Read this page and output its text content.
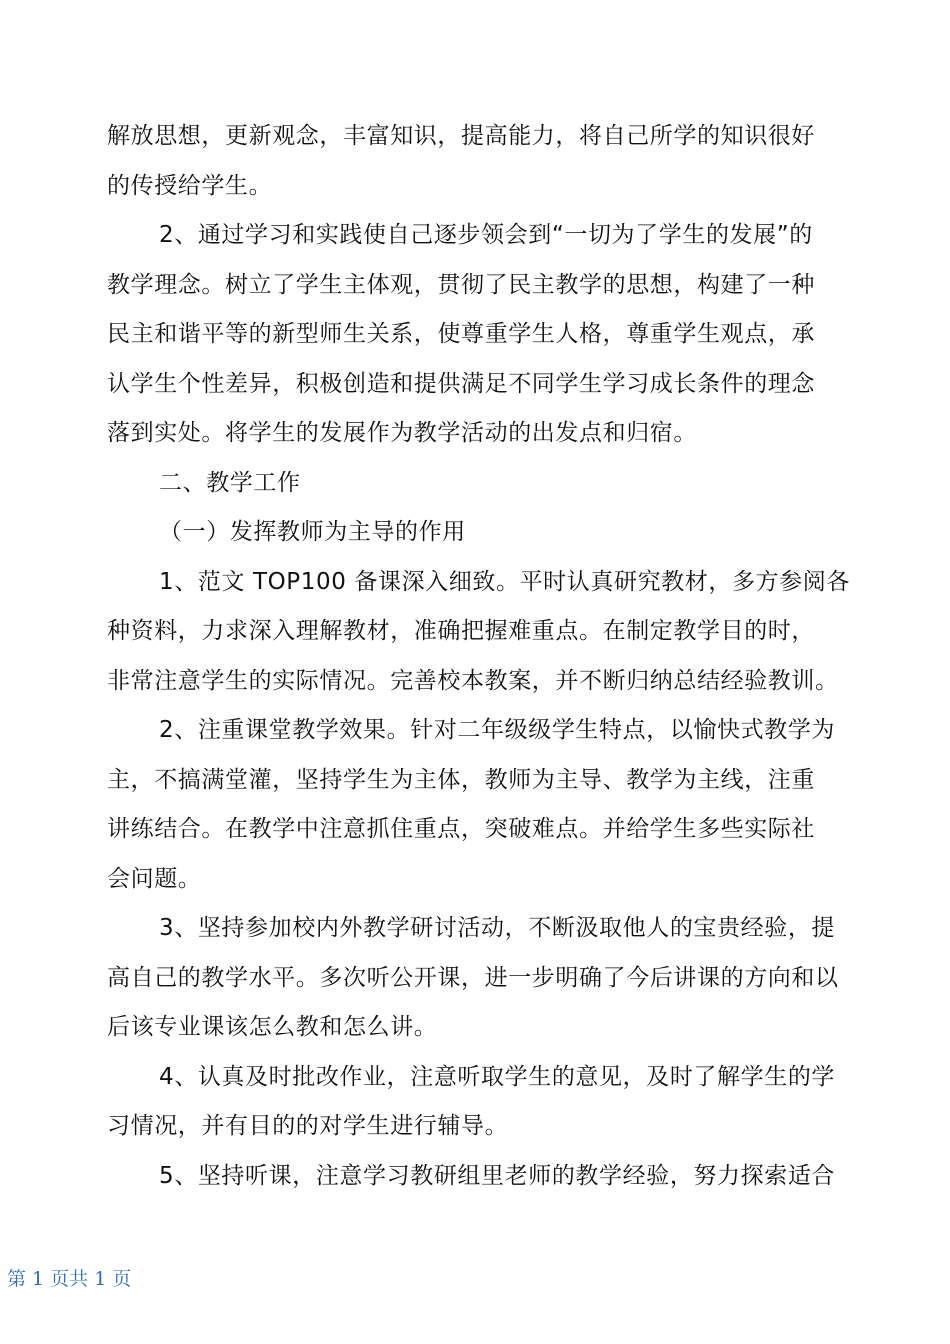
解放思想，更新观念，丰富知识，提高能力，将自己所学的知识很好
的传授给学生。
2、通过学习和实践使自己逐步领会到“一切为了学生的发展”的
教学理念。树立了学生主体观，贯彻了民主教学的思想，构建了一种
民主和谐平等的新型师生关系，使尊重学生人格，尊重学生观点，承
认学生个性差异，积极创造和提供满足不同学生学习成长条件的理念
落到实处。将学生的发展作为教学活动的出发点和归宿。
二、教学工作
（一）发挥教师为主导的作用
1、范文 TOP100 备课深入细致。平时认真研究教材，多方参阅各
种资料，力求深入理解教材，准确把握难重点。在制定教学目的时，
非常注意学生的实际情况。完善校本教案，并不断归纳总结经验教训。
2、注重课堂教学效果。针对二年级级学生特点，以愉快式教学为
主，不搞满堂灌，坚持学生为主体，教师为主导、教学为主线，注重
讲练结合。在教学中注意抓住重点，突破难点。并给学生多些实际社
会问题。
3、坚持参加校内外教学研讨活动，不断汲取他人的宝贵经验，提
高自己的教学水平。多次听公开课，进一步明确了今后讲课的方向和以
后该专业课该怎么教和怎么讲。
4、认真及时批改作业，注意听取学生的意见，及时了解学生的学
习情况，并有目的的对学生进行辅导。
5、坚持听课，注意学习教研组里老师的教学经验，努力探索适合
第 1 页共 1 页
